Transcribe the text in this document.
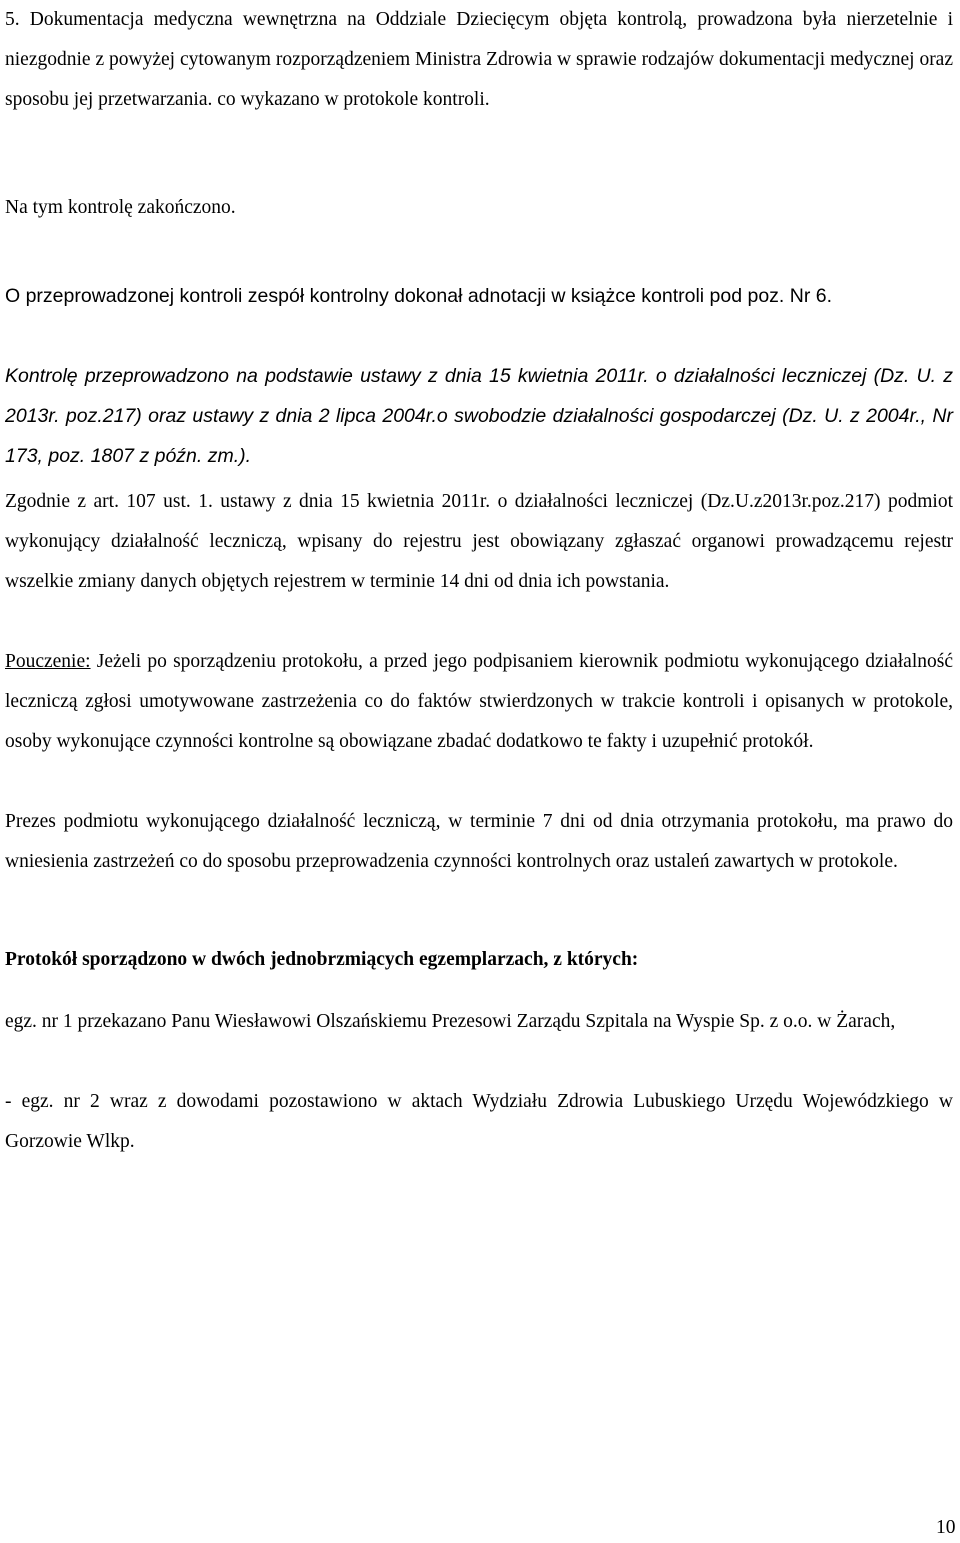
5. Dokumentacja medyczna wewnętrzna na Oddziale Dziecięcym objęta kontrolą, prowadzona była nierzetelnie i niezgodnie z powyżej cytowanym rozporządzeniem Ministra Zdrowia w sprawie rodzajów dokumentacji medycznej oraz sposobu jej przetwarzania. co wykazano w protokole kontroli.

Na tym kontrolę zakończono.

O przeprowadzonej kontroli zespół kontrolny dokonał adnotacji w książce kontroli pod poz. Nr 6.

Kontrolę przeprowadzono na podstawie ustawy z dnia 15 kwietnia 2011r. o działalności leczniczej (Dz. U. z 2013r. poz.217) oraz ustawy z dnia 2 lipca 2004r.o swobodzie działalności gospodarczej (Dz. U. z 2004r., Nr 173, poz. 1807 z późn. zm.).

Zgodnie z art. 107 ust. 1. ustawy z dnia 15 kwietnia 2011r. o działalności leczniczej (Dz.U.z2013r.poz.217) podmiot wykonujący działalność leczniczą, wpisany do rejestru jest obowiązany zgłaszać organowi prowadzącemu rejestr wszelkie zmiany danych objętych rejestrem w terminie 14 dni od dnia ich powstania.

Pouczenie: Jeżeli po sporządzeniu protokołu, a przed jego podpisaniem kierownik podmiotu wykonującego działalność leczniczą zgłosi umotywowane zastrzeżenia co do faktów stwierdzonych w trakcie kontroli i opisanych w protokole, osoby wykonujące czynności kontrolne są obowiązane zbadać dodatkowo te fakty i uzupełnić protokół.

Prezes podmiotu wykonującego działalność leczniczą, w terminie 7 dni od dnia otrzymania protokołu, ma prawo do wniesienia zastrzeżeń co do sposobu przeprowadzenia czynności kontrolnych oraz ustaleń zawartych w protokole.

Protokół sporządzono w dwóch jednobrzmiących egzemplarzach, z których:

egz. nr 1 przekazano Panu Wiesławowi Olszańskiemu Prezesowi Zarządu Szpitala na Wyspie Sp. z o.o. w Żarach,

- egz. nr 2 wraz z dowodami pozostawiono w aktach Wydziału Zdrowia Lubuskiego Urzędu Wojewódzkiego w Gorzowie Wlkp.

10
